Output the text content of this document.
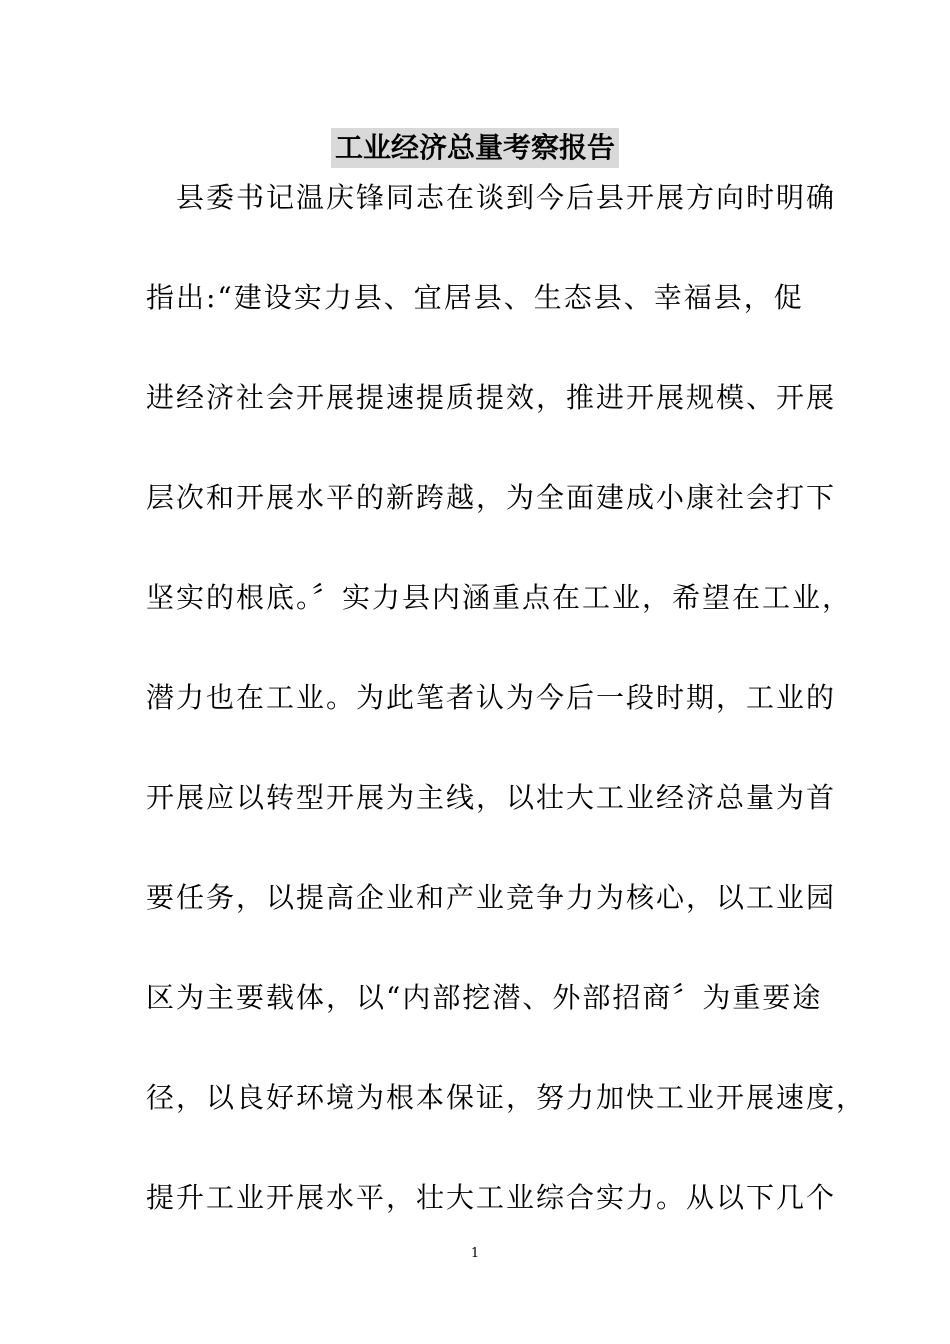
工业经济总量考察报告
　县委书记温庆锋同志在谈到今后县开展方向时明确
指出:“建设实力县、宜居县、生态县、幸福县，促
进经济社会开展提速提质提效，推进开展规模、开展
层次和开展水平的新跨越，为全面建成小康社会打下
坚实的根底。〞实力县内涵重点在工业，希望在工业，
潜力也在工业。为此笔者认为今后一段时期，工业的
开展应以转型开展为主线，以壮大工业经济总量为首
要任务，以提高企业和产业竞争力为核心，以工业园
区为主要载体，以“内部挖潜、外部招商〞为重要途
径，以良好环境为根本保证，努力加快工业开展速度，
提升工业开展水平，壮大工业综合实力。从以下几个
1
